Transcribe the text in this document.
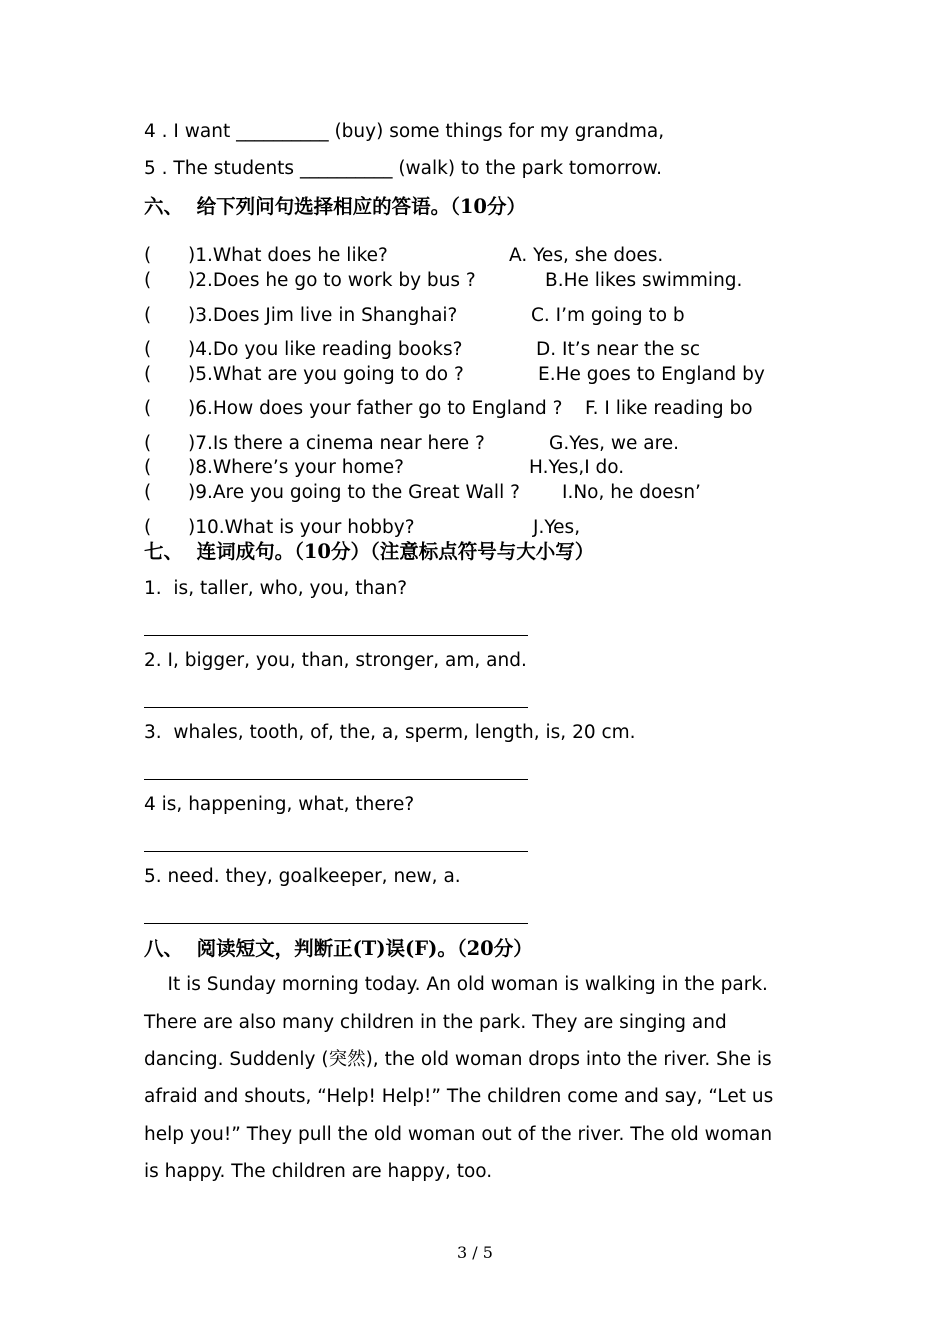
4 . I want __________ (buy) some things for my grandma,
5 . The students __________ (walk) to the park tomorrow.
六、  给下列问句选择相应的答语。（10分）
( )1.What does he like?	A. Yes, she does.
( )2.Does he go to work by bus ?	B.He likes swimming.
( )3.Does Jim live in Shanghai?	C. I’m going to b
( )4.Do you like reading books?	D. It’s near the sc
( )5.What are you going to do ?	E.He goes to England by
( )6.How does your father go to England ? F. I like reading bo
( )7.Is there a cinema near here ?	G.Yes, we are.
( )8.Where’s your home?	H.Yes,I do.
( )9.Are you going to the Great Wall ? I.No, he doesn’
( )10.What is your hobby?	J.Yes,
七、  连词成句。（10分）（注意标点符号与大小写）
1.  is, taller, who, you, than?
2. I, bigger, you, than, stronger, am, and.
3.  whales, tooth, of, the, a, sperm, length, is, 20 cm.
4 is, happening, what, there?
5. need. they, goalkeeper, new, a.
八、  阅读短文，判断正(T)误(F)。（20分）
It is Sunday morning today. An old woman is walking in the park.
There are also many children in the park. They are singing and
dancing. Suddenly (突然), the old woman drops into the river. She is
afraid and shouts, “Help! Help!” The children come and say, “Let us
help you!” They pull the old woman out of the river. The old woman
is happy. The children are happy, too.
3 / 5
